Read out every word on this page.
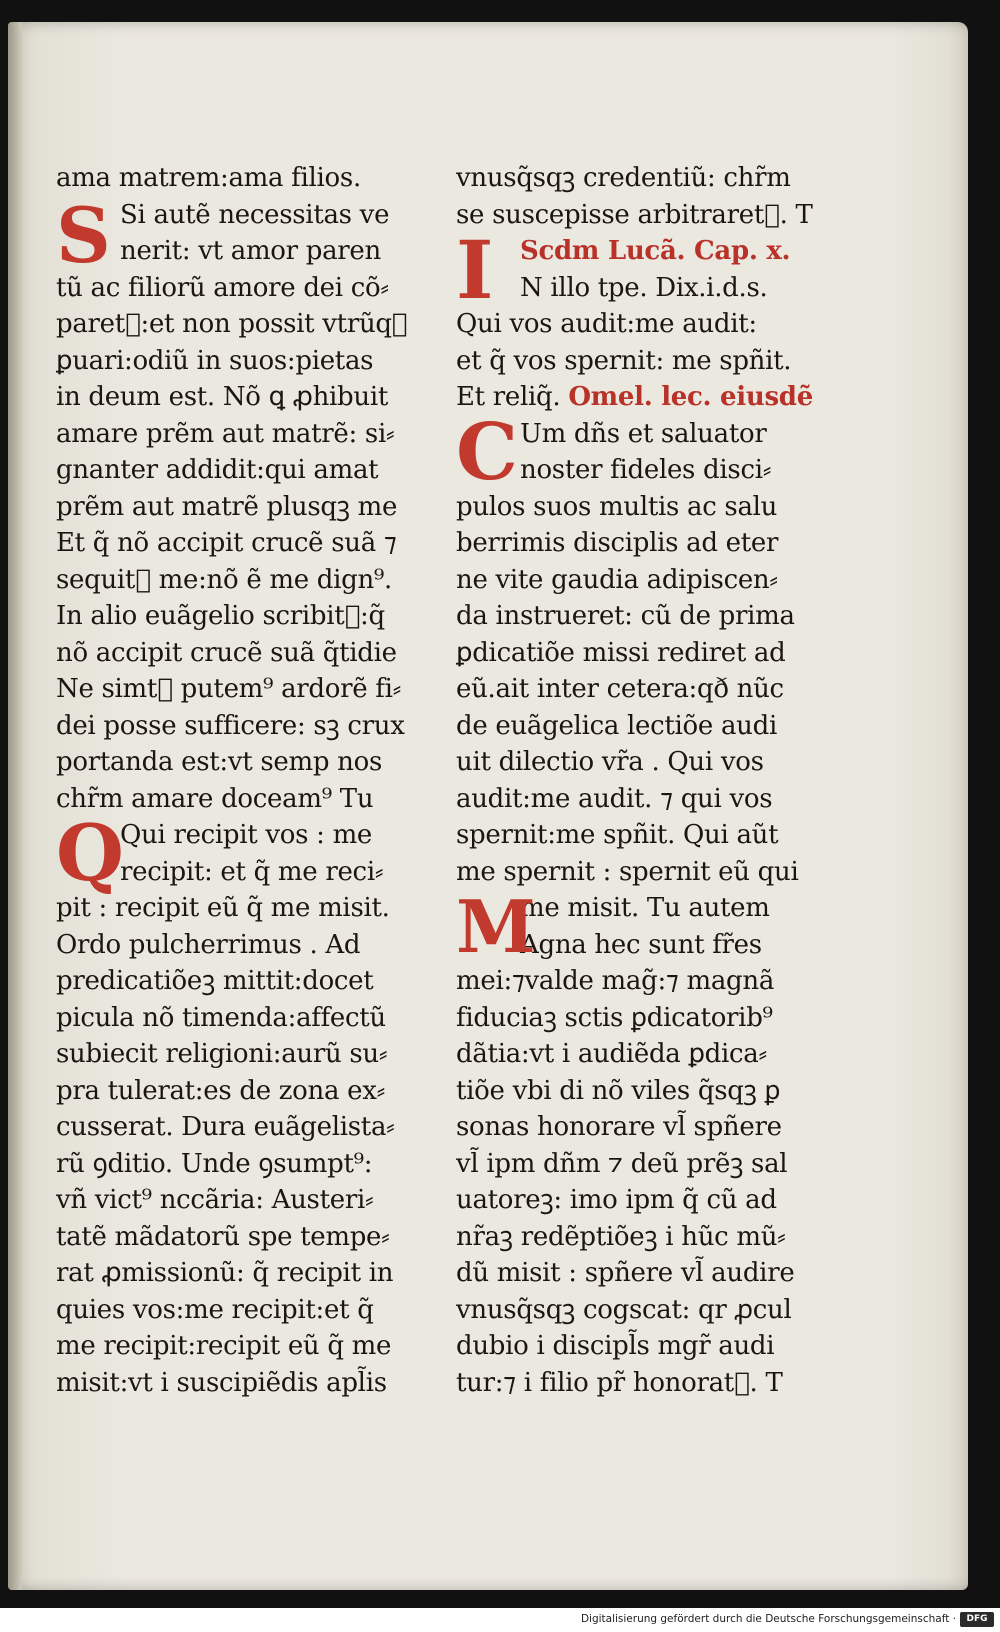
ama matrem:ama filios.
S Si autẽ necessitas ve
nerit: vt amor paren
tũ ac filiorũ amore dei cõ⸗
paretᷣ:et non possit vtrũqꝫ
ꝑuari:odiũ in suos:pietas
in deum est. Nõ ꝗ ꝓhibuit
amare prẽm aut matrẽ: si⸗
gnanter addidit:qui amat
prẽm aut matrẽ plusqꝫ me
Et q̃ nõ accipit crucẽ suã ⁊
sequitᷣ me:nõ ẽ me dign⁹.
In alio euãgelio scribitᷣ:q̃
nõ accipit crucẽ suã q̃tidie
Ne simtᷣ putem⁹ ardorẽ fi⸗
dei posse sufficere: sꝫ crux
portanda est:vt semp nos
chr̃m amare doceam⁹ Tu
Q
Qui recipit vos : me
recipit: et q̃ me reci⸗
pit : recipit eũ q̃ me misit.
Ordo pulcherrimus . Ad
predicatiõeꝫ mittit:docet
picula nõ timenda:affectũ
subiecit religioni:aurũ su⸗
pra tulerat:es de zona ex⸗
cusserat. Dura euãgelista⸗
rũ ꝯditio. Unde ꝯsumpt⁹:
vñ vict⁹ nccãria: Austeri⸗
tatẽ mãdatorũ spe tempe⸗
rat ꝓmissionũ: q̃ recipit in
quies vos:me recipit:et q̃
me recipit:recipit eũ q̃ me
misit:vt i suscipiẽdis apl̃is
vnusq̃sqꝫ credentiũ: chr̃m
se suscepisse arbitraretᷣ. T
I	Scdm Lucã. Cap. x.
N illo tpe. Dix.i.d.s.
Qui vos audit:me audit:
et q̃ vos spernit: me spñit.
Et reliq̃. Omel. lec. eiusdẽ
C Um dñs et saluator
noster fideles disci⸗
pulos suos multis ac salu
berrimis disciplis ad eter
ne vite gaudia adipiscen⸗
da instrueret: cũ de prima
ꝑdicatiõe missi rediret ad
eũ.ait inter cetera:qð nũc
de euãgelica lectiõe audi
uit dilectio vr̃a . Qui vos
audit:me audit. ⁊ qui vos
spernit:me spñit. Qui aũt
me spernit : spernit eũ qui
M
me misit. Tu autem
Agna hec sunt fr̃es
mei:⁊valde mag̃:⁊ magnã
fiduciaꝫ sctis ꝑdicatorib⁹
dãtia:vt i audiẽda ꝑdica⸗
tiõe vbi di nõ viles q̃sqꝫ ꝑ
sonas honorare vl̃ spñere
vl̃ ipm dñm ⁊ deũ prẽꝫ sal
uatoreꝫ: imo ipm q̃ cũ ad
nr̃aꝫ redẽptiõeꝫ i hũc mũ⸗
dũ misit : spñere vl̃ audire
vnusq̃sqꝫ cogscat: qr ꝓcul
dubio i discipl̃s mgr̃ audi
tur:⁊ i filio pr̃ honoratᷣ. T
Digitalisierung gefördert durch die Deutsche Forschungsgemeinschaft ·	DFG
